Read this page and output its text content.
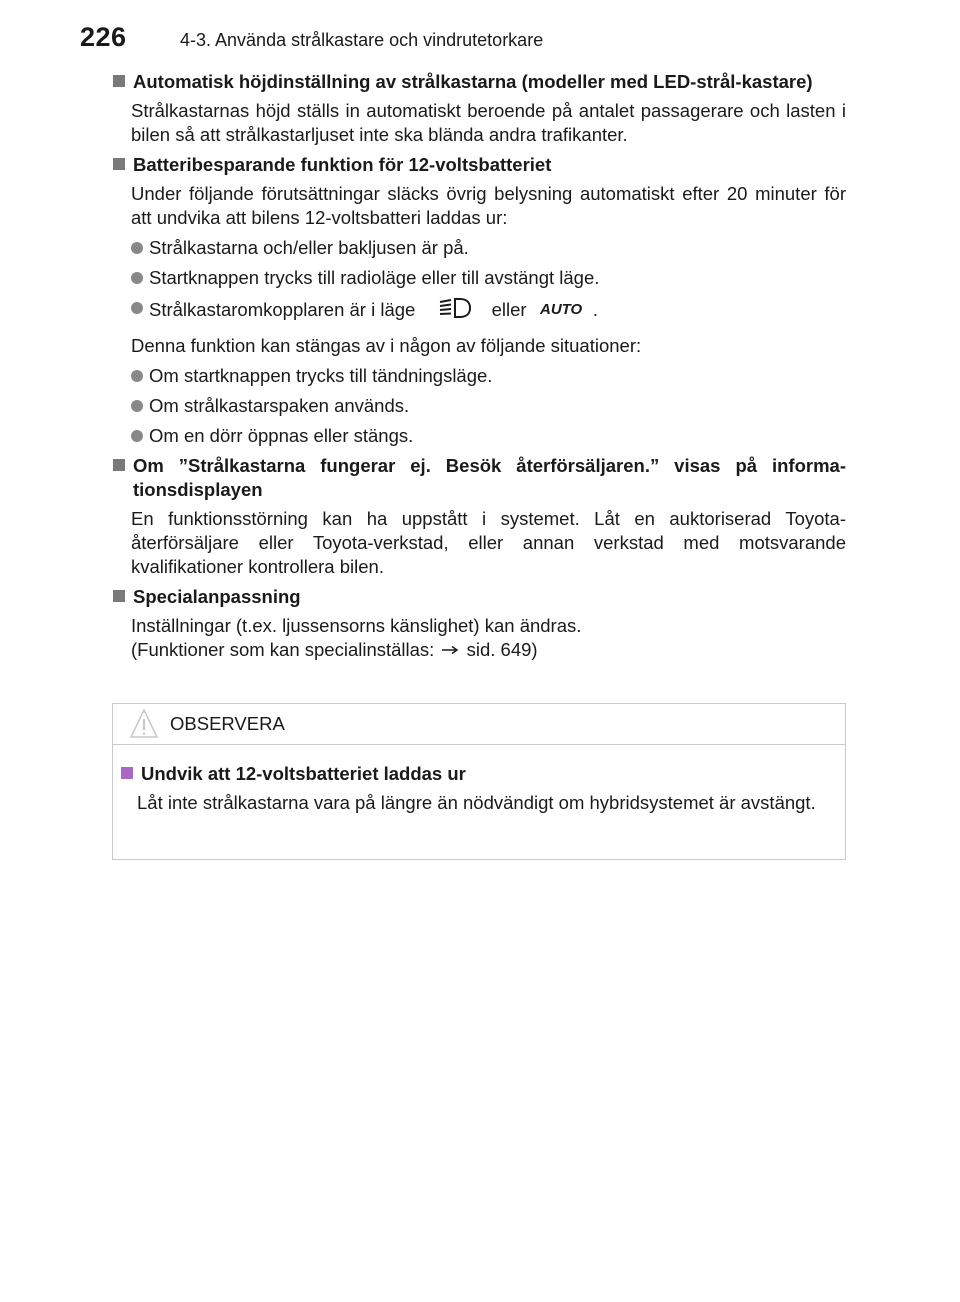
226	4-3. Använda strålkastare och vindrutetorkare
Automatisk höjdinställning av strålkastarna (modeller med LED-strål-kastare)
Strålkastarnas höjd ställs in automatiskt beroende på antalet passagerare och lasten i bilen så att strålkastarljuset inte ska blända andra trafikanter.
Batteribesparande funktion för 12-voltsbatteriet
Under följande förutsättningar släcks övrig belysning automatiskt efter 20 minuter för att undvika att bilens 12-voltsbatteri laddas ur:
Strålkastarna och/eller bakljusen är på.
Startknappen trycks till radioläge eller till avstängt läge.
Strålkastaromkopplaren är i läge	eller AUTO .
Denna funktion kan stängas av i någon av följande situationer:
Om startknappen trycks till tändningsläge.
Om strålkastarspaken används.
Om en dörr öppnas eller stängs.
Om ”Strålkastarna fungerar ej. Besök återförsäljaren.” visas på informa-tionsdisplayen
En funktionsstörning kan ha uppstått i systemet. Låt en auktoriserad Toyota-återförsäljare eller Toyota-verkstad, eller annan verkstad med motsvarande kvalifikationer kontrollera bilen.
Specialanpassning
Inställningar (t.ex. ljussensorns känslighet) kan ändras.
(Funktioner som kan specialinställas: sid. 649)
OBSERVERA
Undvik att 12-voltsbatteriet laddas ur
Låt inte strålkastarna vara på längre än nödvändigt om hybridsystemet är avstängt.
